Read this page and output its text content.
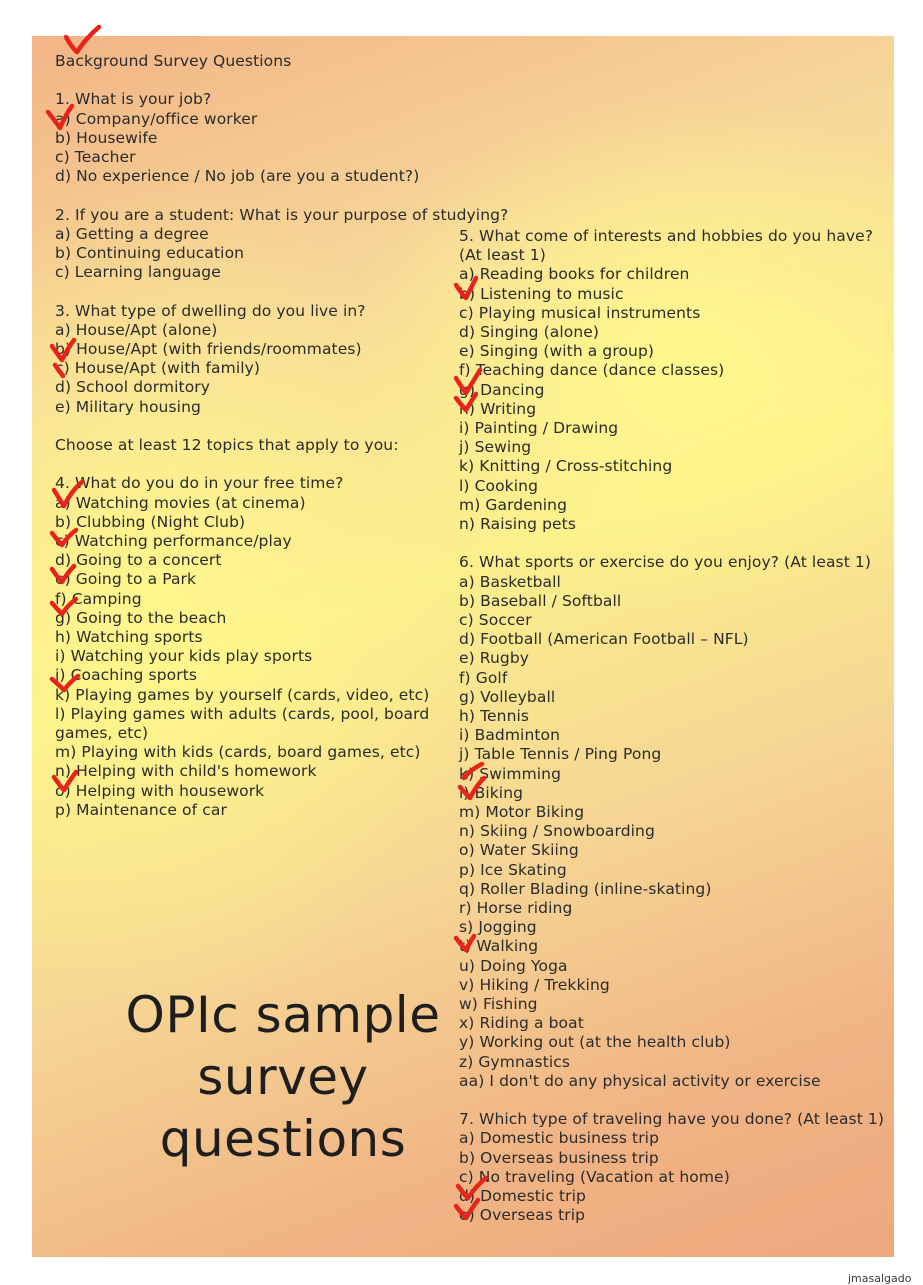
Background Survey Questions
1. What is your job?
a) Company/office worker
b) Housewife
c) Teacher
d) No experience / No job (are you a student?)
2. If you are a student: What is your purpose of studying?
a) Getting a degree
b) Continuing education
c) Learning language
3. What type of dwelling do you live in?
a) House/Apt (alone)
b) House/Apt (with friends/roommates)
c) House/Apt (with family)
d) School dormitory
e) Military housing
Choose at least 12 topics that apply to you:
4. What do you do in your free time?
a) Watching movies (at cinema)
b) Clubbing (Night Club)
c) Watching performance/play
d) Going to a concert
e) Going to a Park
f) Camping
g) Going to the beach
h) Watching sports
i) Watching your kids play sports
j) Coaching sports
k) Playing games by yourself (cards, video, etc)
l) Playing games with adults (cards, pool, board
games, etc)
m) Playing with kids (cards, board games, etc)
n) Helping with child's homework
o) Helping with housework
p) Maintenance of car
5. What come of interests and hobbies do you have?
(At least 1)
a) Reading books for children
b) Listening to music
c) Playing musical instruments
d) Singing (alone)
e) Singing (with a group)
f) Teaching dance (dance classes)
g) Dancing
h) Writing
i) Painting / Drawing
j) Sewing
k) Knitting / Cross-stitching
l) Cooking
m) Gardening
n) Raising pets
6. What sports or exercise do you enjoy? (At least 1)
a) Basketball
b) Baseball / Softball
c) Soccer
d) Football (American Football – NFL)
e) Rugby
f) Golf
g) Volleyball
h) Tennis
i) Badminton
j) Table Tennis / Ping Pong
k) Swimming
l) Biking
m) Motor Biking
n) Skiing / Snowboarding
o) Water Skiing
p) Ice Skating
q) Roller Blading (inline-skating)
r) Horse riding
s) Jogging
t) Walking
u) Doing Yoga
v) Hiking / Trekking
w) Fishing
x) Riding a boat
y) Working out (at the health club)
z) Gymnastics
aa) I don't do any physical activity or exercise
7. Which type of traveling have you done? (At least 1)
a) Domestic business trip
b) Overseas business trip
c) No traveling (Vacation at home)
d) Domestic trip
e) Overseas trip
OPIc sample
survey questions
jmasalgado
